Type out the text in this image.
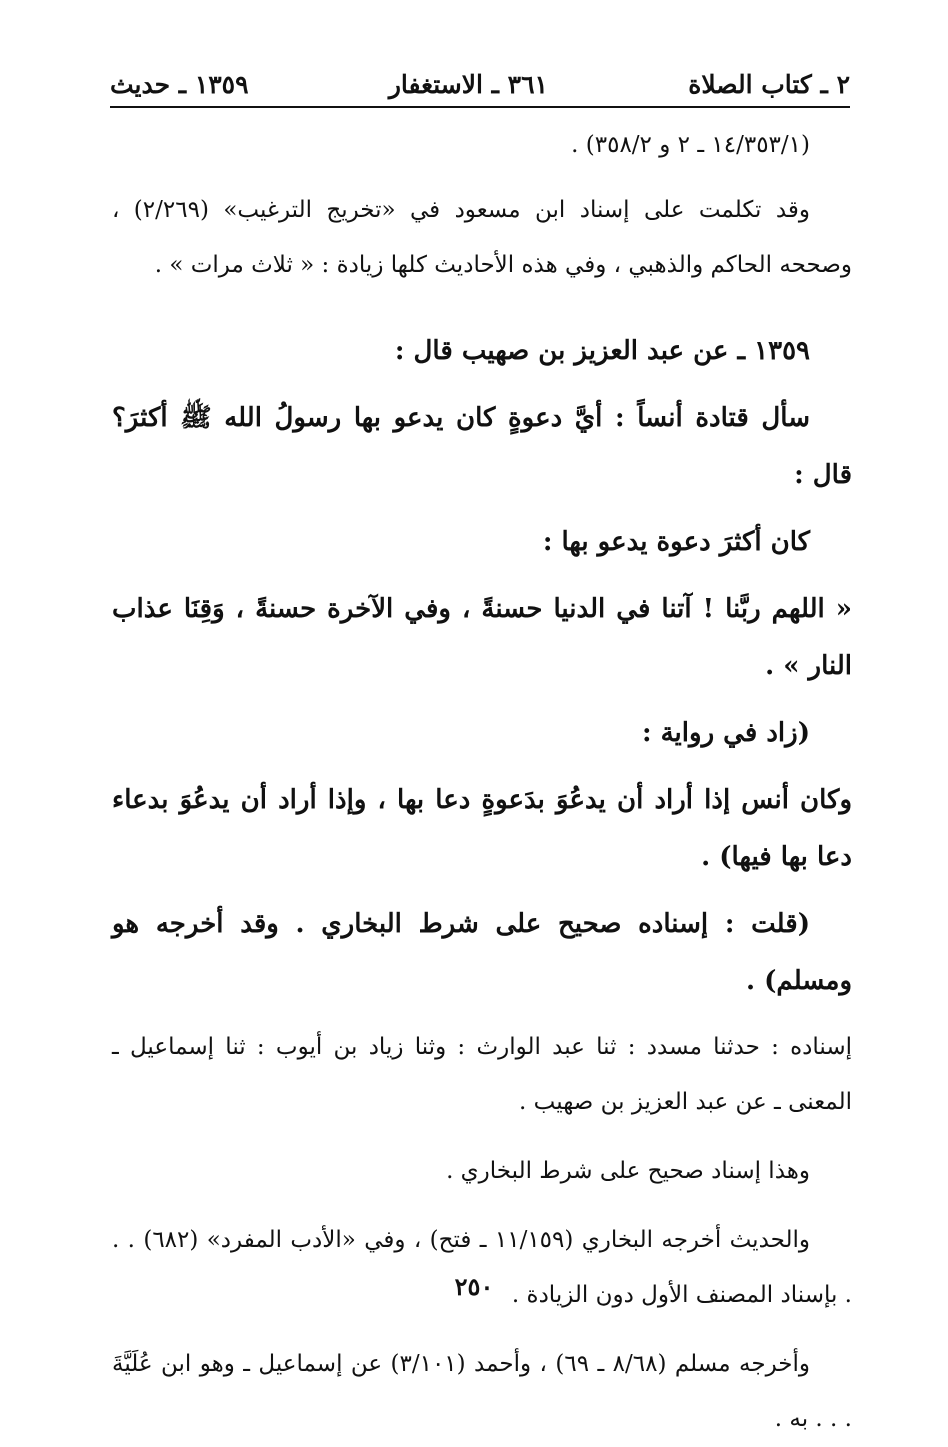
٢ ـ كتاب الصلاة
٣٦١ ـ الاستغفار
١٣٥٩ ـ حديث

(١٤/٣٥٣/١ ـ ٢ و ٣٥٨/٢) .

وقد تكلمت على إسناد ابن مسعود في «تخريج الترغيب» (٢/٢٦٩) ، وصححه الحاكم والذهبي ، وفي هذه الأحاديث كلها زيادة : « ثلاث مرات » .

١٣٥٩ ـ عن عبد العزيز بن صهيب قال :

سأل قتادة أنساً : أيَّ دعوةٍ كان يدعو بها رسولُ الله ﷺ أكثرَ؟ قال :

كان أكثرَ دعوة يدعو بها :

« اللهم ربَّنا ! آتنا في الدنيا حسنةً ، وفي الآخرة حسنةً ، وَقِنَا عذاب النار » .

(زاد في رواية :

وكان أنس إذا أراد أن يدعُوَ بدَعوةٍ دعا بها ، وإذا أراد أن يدعُوَ بدعاء دعا بها فيها) .

(قلت : إسناده صحيح على شرط البخاري . وقد أخرجه هو ومسلم) .

إسناده : حدثنا مسدد : ثنا عبد الوارث : وثنا زياد بن أيوب : ثنا إسماعيل ـ المعنى ـ عن عبد العزيز بن صهيب .

وهذا إسناد صحيح على شرط البخاري .

والحديث أخرجه البخاري (١١/١٥٩ ـ فتح) ، وفي «الأدب المفرد» (٦٨٢) . . . بإسناد المصنف الأول دون الزيادة .

وأخرجه مسلم (٨/٦٨ ـ ٦٩) ، وأحمد (٣/١٠١) عن إسماعيل ـ وهو ابن عُلَيَّةَ . . . به .

٢٥٠
